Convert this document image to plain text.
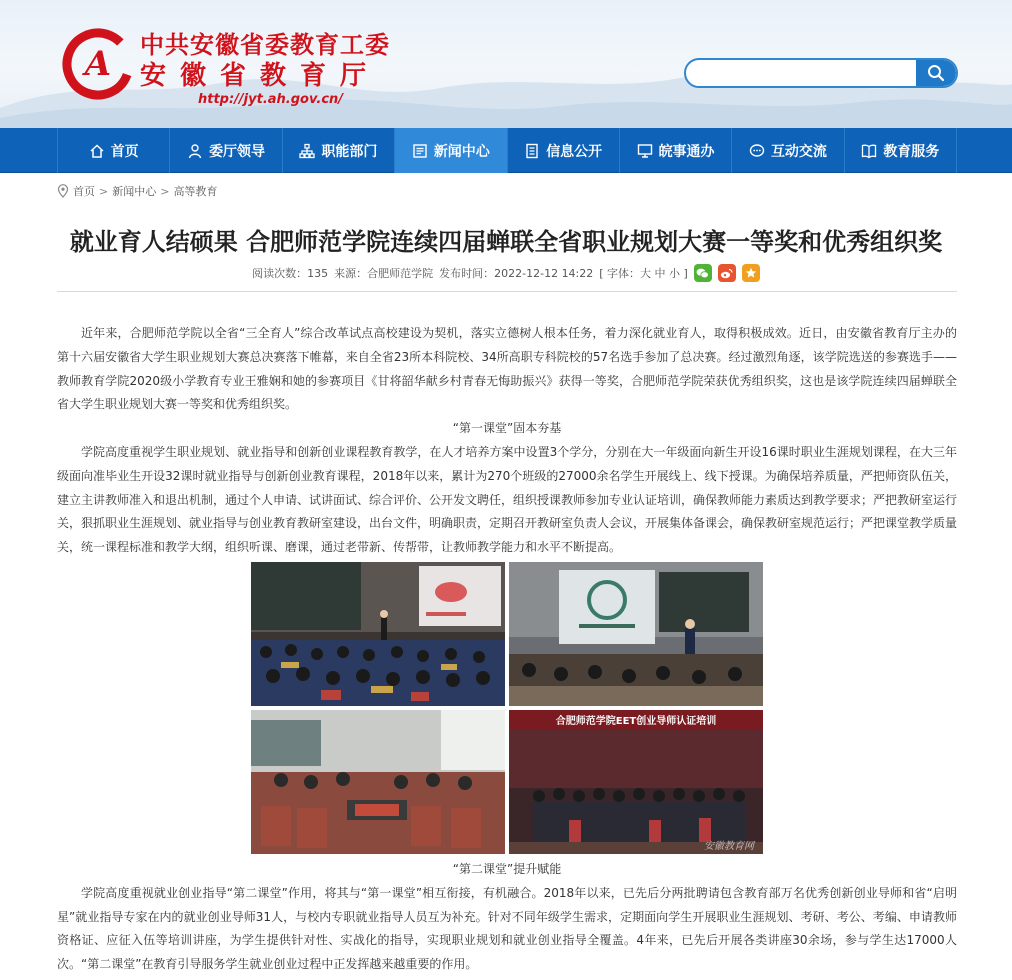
A 中共安徽省委教育工委
安徽省教育厅
http://jyt.ah.gov.cn/
首页	委厅领导	职能部门	新闻中心	信息公开	皖事通办	互动交流	教育服务
首页 > 新闻中心 > 高等教育
就业育人结硕果 合肥师范学院连续四届蝉联全省职业规划大赛一等奖和优秀组织奖
阅读次数：135 来源：合肥师范学院 发布时间：2022-12-12 14:22 [ 字体：大 中 小 ]

近年来，合肥师范学院以全省“三全育人”综合改革试点高校建设为契机，落实立德树人根本任务，着力深化就业育人，取得积极成效。近日，由安徽省教育厅主办的第十六届安徽省大学生职业规划大赛总决赛落下帷幕，来自全省23所本科院校、34所高职专科院校的57名选手参加了总决赛。经过激烈角逐，该学院选送的参赛选手——教师教育学院2020级小学教育专业王雅娴和她的参赛项目《甘将韶华献乡村青春无悔助振兴》获得一等奖，合肥师范学院荣获优秀组织奖，这也是该学院连续四届蝉联全省大学生职业规划大赛一等奖和优秀组织奖。

“第一课堂”固本夯基

学院高度重视学生职业规划、就业指导和创新创业课程教育教学，在人才培养方案中设置3个学分，分别在大一年级面向新生开设16课时职业生涯规划课程，在大三年级面向准毕业生开设32课时就业指导与创新创业教育课程，2018年以来，累计为270个班级的27000余名学生开展线上、线下授课。为确保培养质量，严把师资队伍关，建立主讲教师准入和退出机制，通过个人申请、试讲面试、综合评价、公开发文聘任，组织授课教师参加专业认证培训，确保教师能力素质达到教学要求；严把教研室运行关，狠抓职业生涯规划、就业指导与创业教育教研室建设，出台文件，明确职责，定期召开教研室负责人会议，开展集体备课会，确保教研室规范运行；严把课堂教学质量关，统一课程标准和教学大纲，组织听课、磨课，通过老带新、传帮带，让教师教学能力和水平不断提高。

合肥师范学院EET创业导师认证培训
安徽教育网

“第二课堂”提升赋能

学院高度重视就业创业指导“第二课堂”作用，将其与“第一课堂”相互衔接，有机融合。2018年以来，已先后分两批聘请包含教育部万名优秀创新创业导师和省“启明星”就业指导专家在内的就业创业导师31人，与校内专职就业指导人员互为补充。针对不同年级学生需求，定期面向学生开展职业生涯规划、考研、考公、考编、申请教师资格证、应征入伍等培训讲座，为学生提供针对性、实战化的指导，实现职业规划和就业创业指导全覆盖。4年来，已先后开展各类讲座30余场，参与学生达17000人次。“第二课堂”在教育引导服务学生就业创业过程中正发挥越来越重要的作用。
